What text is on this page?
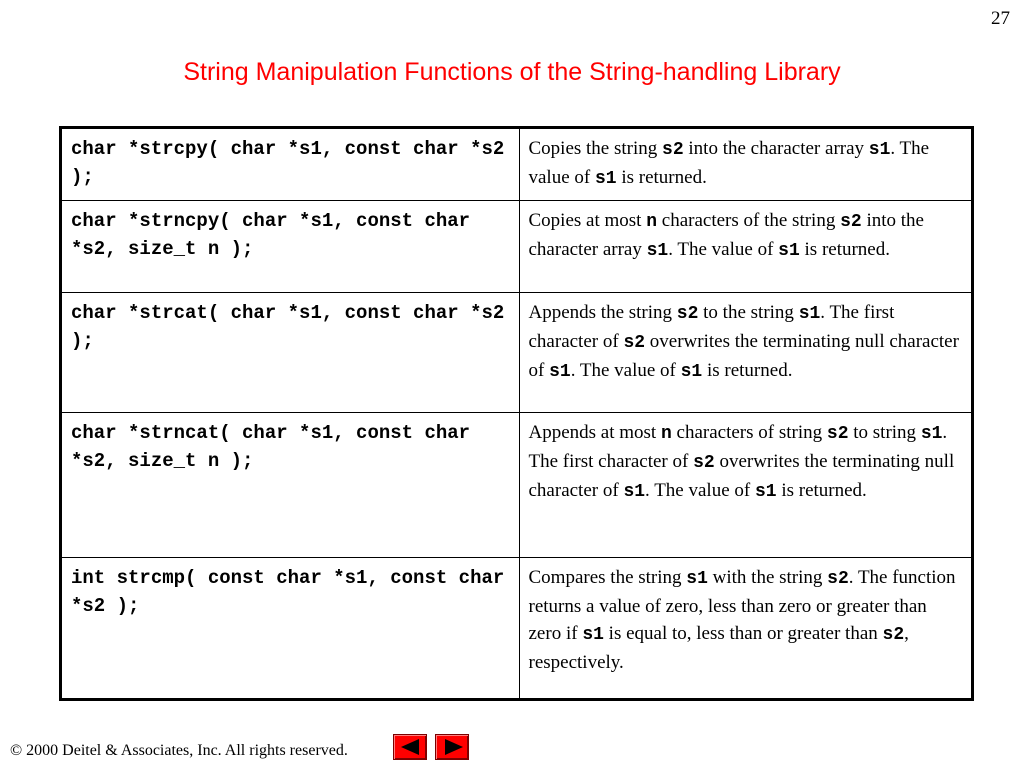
27
String Manipulation Functions of the String-handling Library
char *strcpy( char *s1, const char *s2 );	Copies the string s2 into the character array s1. The value of s1 is returned.
char *strncpy( char *s1, const char *s2, size_t n );	Copies at most n characters of the string s2 into the character array s1. The value of s1 is returned.
char *strcat( char *s1, const char *s2 );	Appends the string s2 to the string s1. The first character of s2 overwrites the terminating null character of s1. The value of s1 is returned.
char *strncat( char *s1, const char *s2, size_t n );	Appends at most n characters of string s2 to string s1. The first character of s2 overwrites the terminating null character of s1. The value of s1 is returned.
int strcmp( const char *s1, const char *s2 );	Compares the string s1 with the string s2. The function returns a value of zero, less than zero or greater than zero if s1 is equal to, less than or greater than s2, respectively.
© 2000 Deitel & Associates, Inc. All rights reserved.
